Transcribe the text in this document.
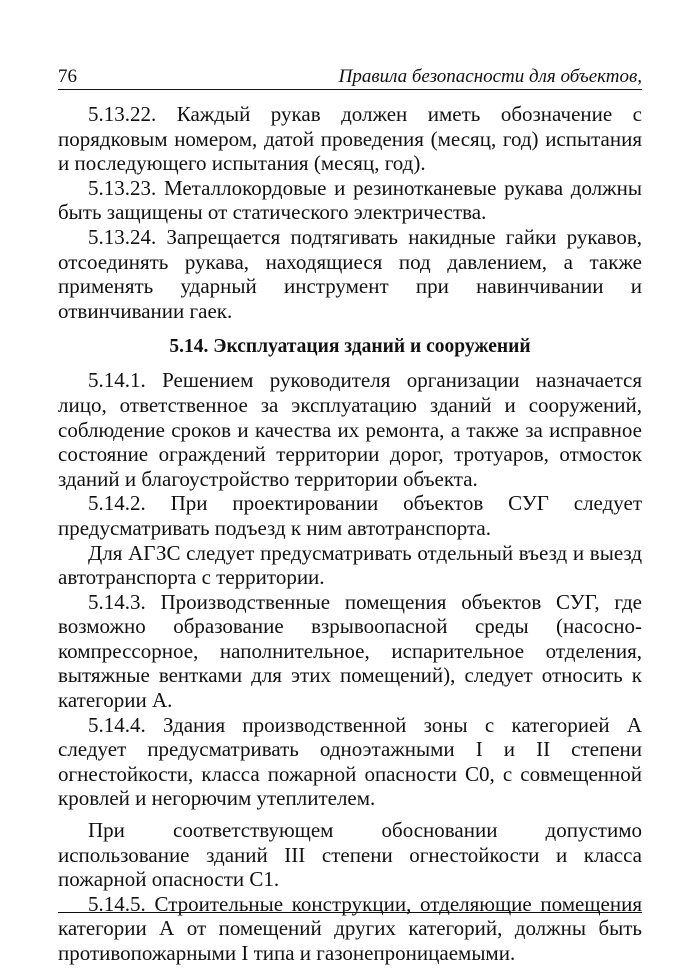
76	Правила безопасности для объектов,

5.13.22. Каждый рукав должен иметь обозначение с порядковым номером, датой проведения (месяц, год) испытания и последующего испытания (месяц, год).

5.13.23. Металлокордовые и резинотканевые рукава должны быть защищены от статического электричества.

5.13.24. Запрещается подтягивать накидные гайки рукавов, отсоединять рукава, находящиеся под давлением, а также применять ударный инструмент при навинчивании и отвинчивании гаек.

5.14. Эксплуатация зданий и сооружений

5.14.1. Решением руководителя организации назначается лицо, ответственное за эксплуатацию зданий и сооружений, соблюдение сроков и качества их ремонта, а также за исправное состояние ограждений территории дорог, тротуаров, отмосток зданий и благоустройство территории объекта.

5.14.2. При проектировании объектов СУГ следует предусматривать подъезд к ним автотранспорта.

Для АГЗС следует предусматривать отдельный въезд и выезд автотранспорта с территории.

5.14.3. Производственные помещения объектов СУГ, где возможно образование взрывоопасной среды (насосно-компрессорное, наполнительное, испарительное отделения, вытяжные вентками для этих помещений), следует относить к категории А.

5.14.4. Здания производственной зоны с категорией А следует предусматривать одноэтажными I и II степени огнестойкости, класса пожарной опасности С0, с совмещенной кровлей и негорючим утеплителем.

При соответствующем обосновании допустимо использование зданий III степени огнестойкости и класса пожарной опасности С1.

5.14.5. Строительные конструкции, отделяющие помещения категории А от помещений других категорий, должны быть противопожарными I типа и газонепроницаемыми.
